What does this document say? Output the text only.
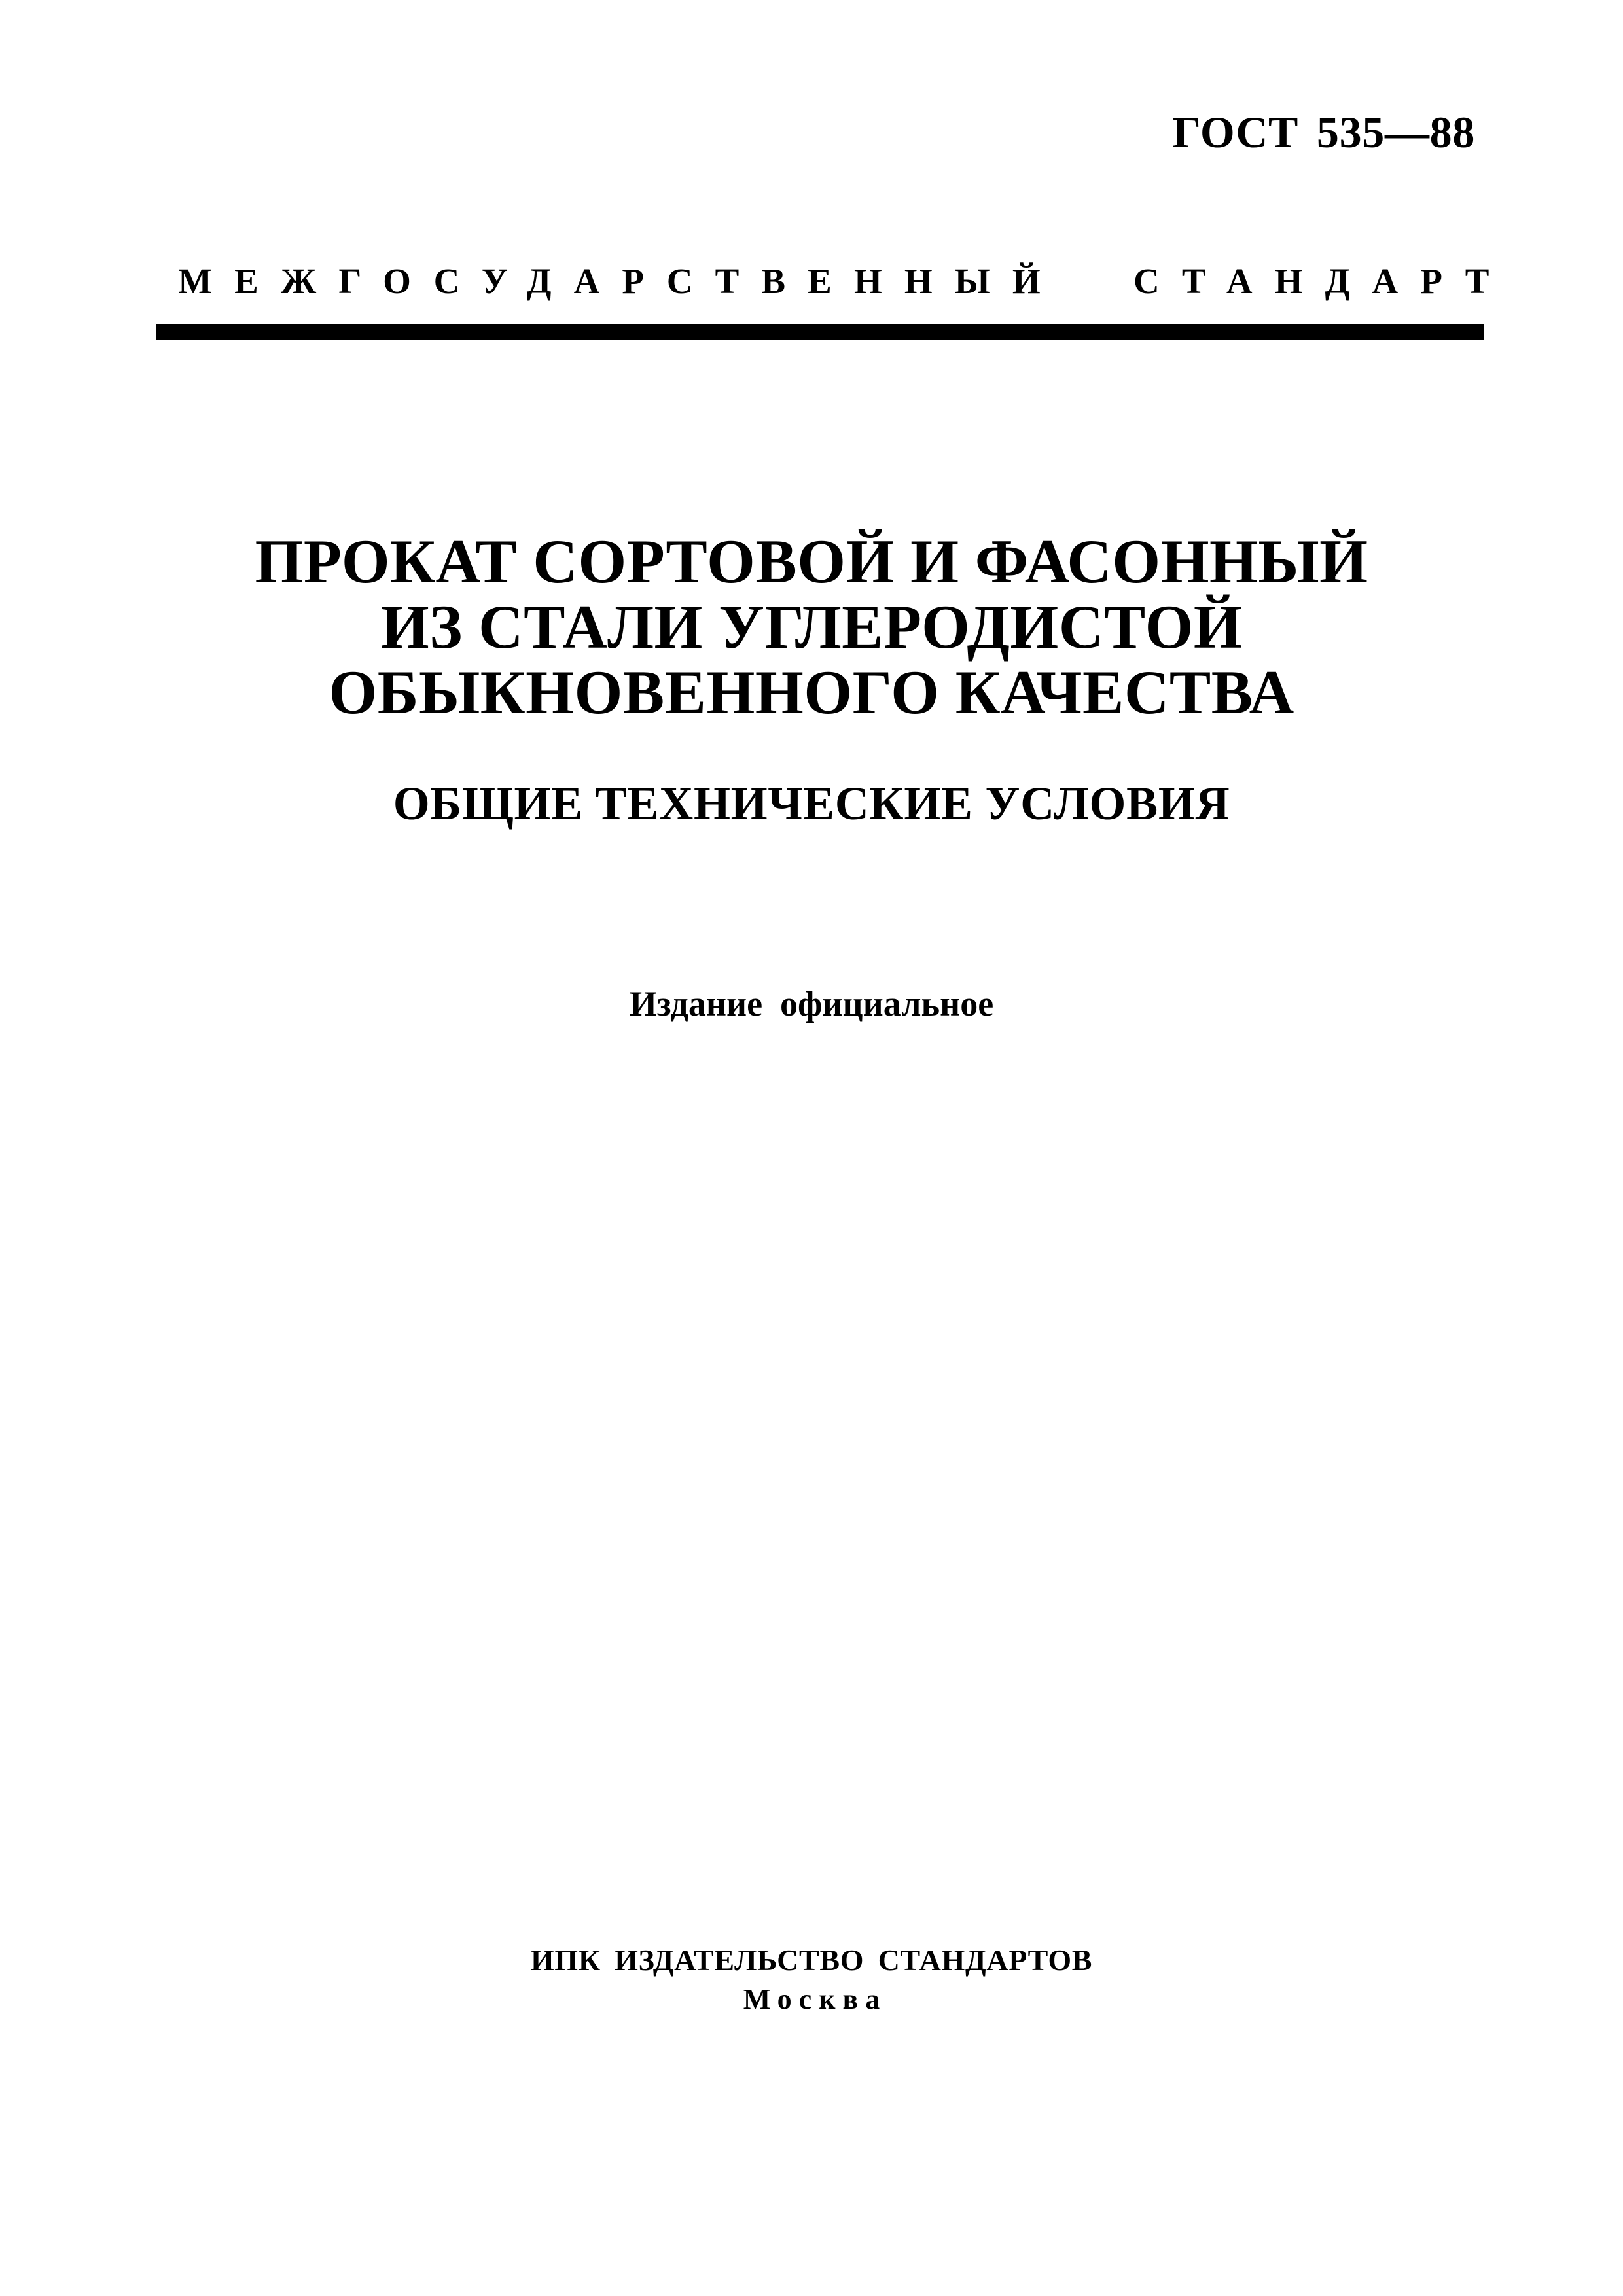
ГОСТ 535—88
МЕЖГОСУДАРСТВЕННЫЙ СТАНДАРТ
ПРОКАТ СОРТОВОЙ И ФАСОННЫЙ
ИЗ СТАЛИ УГЛЕРОДИСТОЙ
ОБЫКНОВЕННОГО КАЧЕСТВА
ОБЩИЕ ТЕХНИЧЕСКИЕ УСЛОВИЯ
Издание официальное
ИПК ИЗДАТЕЛЬСТВО СТАНДАРТОВ
Москва
